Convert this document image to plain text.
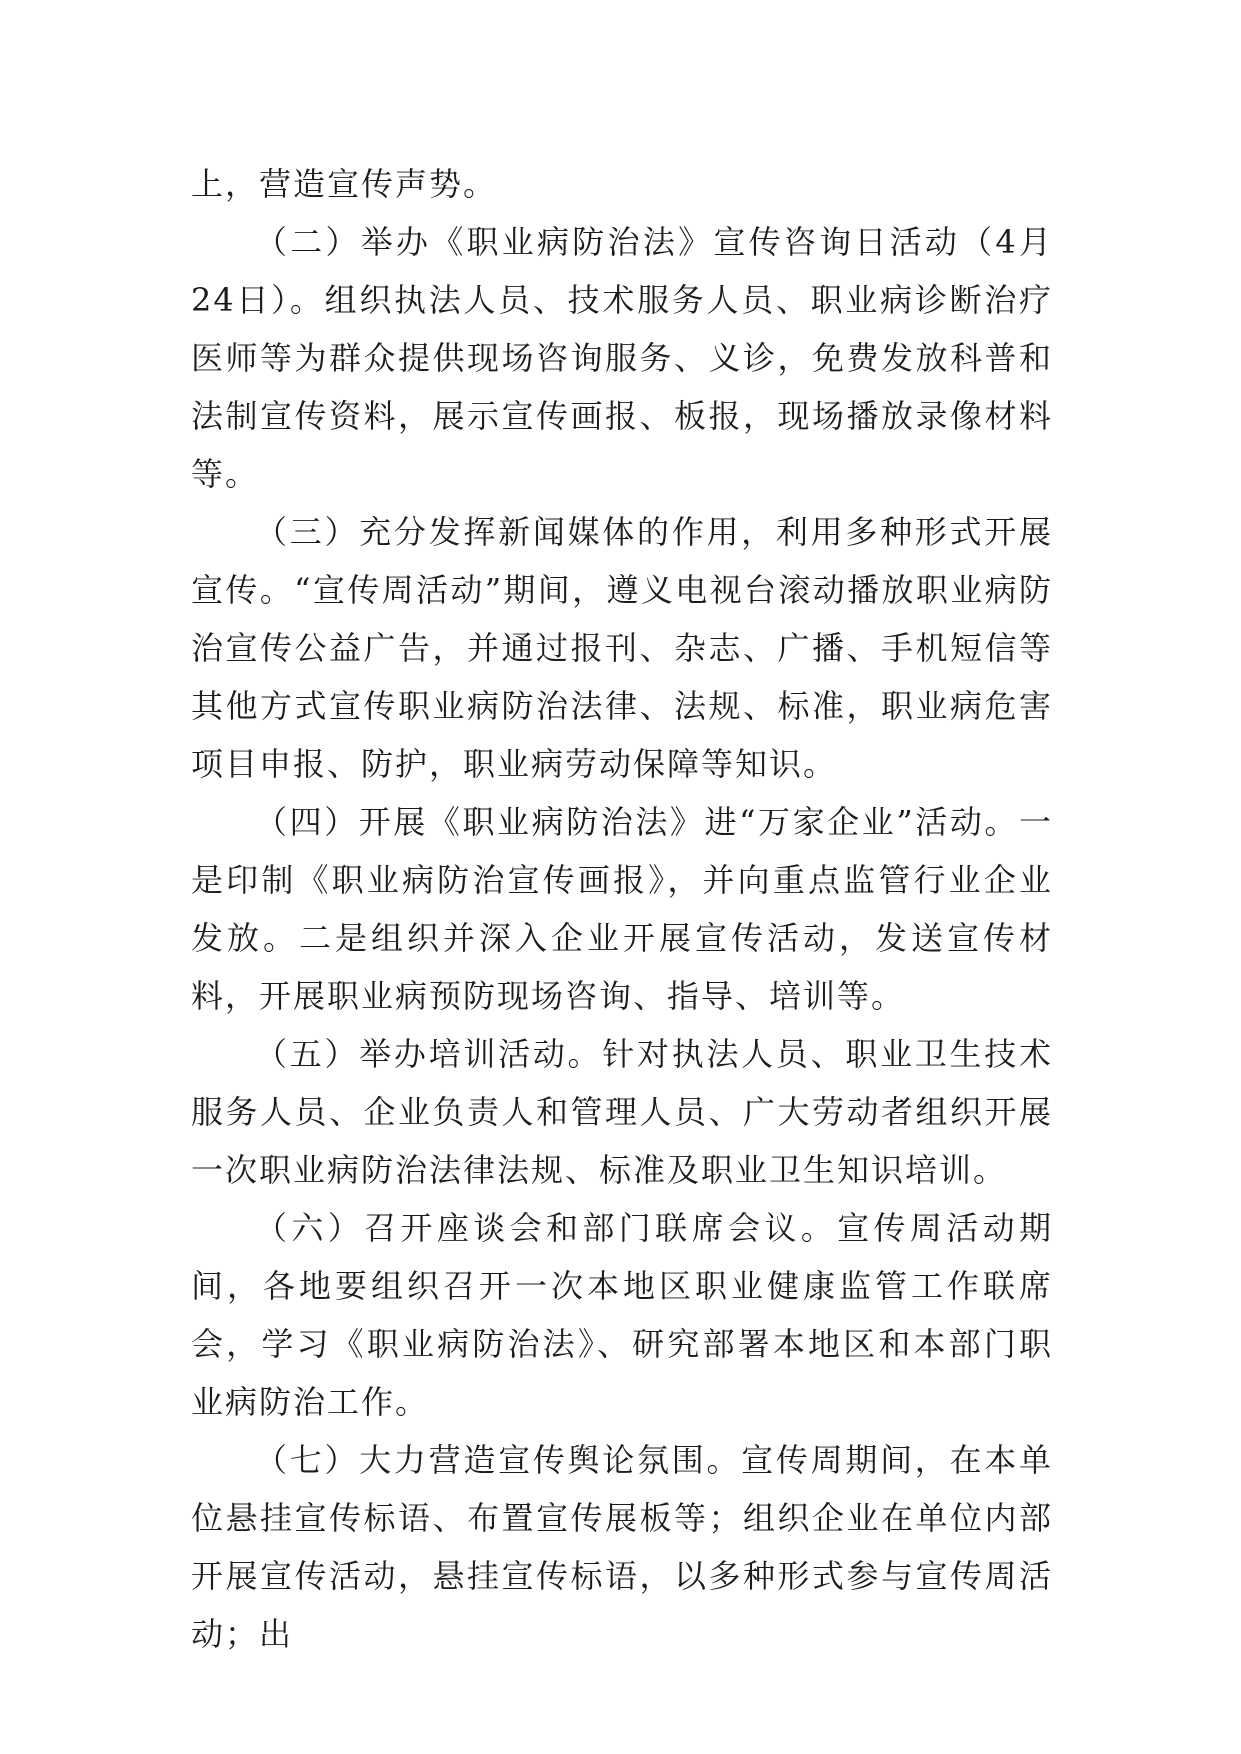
上，营造宣传声势。

（二）举办《职业病防治法》宣传咨询日活动（4月24日）。组织执法人员、技术服务人员、职业病诊断治疗医师等为群众提供现场咨询服务、义诊，免费发放科普和法制宣传资料，展示宣传画报、板报，现场播放录像材料等。

（三）充分发挥新闻媒体的作用，利用多种形式开展宣传。“宣传周活动”期间，遵义电视台滚动播放职业病防治宣传公益广告，并通过报刊、杂志、广播、手机短信等其他方式宣传职业病防治法律、法规、标准，职业病危害项目申报、防护，职业病劳动保障等知识。

（四）开展《职业病防治法》进“万家企业”活动。一是印制《职业病防治宣传画报》，并向重点监管行业企业发放。二是组织并深入企业开展宣传活动，发送宣传材料，开展职业病预防现场咨询、指导、培训等。

（五）举办培训活动。针对执法人员、职业卫生技术服务人员、企业负责人和管理人员、广大劳动者组织开展一次职业病防治法律法规、标准及职业卫生知识培训。

（六）召开座谈会和部门联席会议。宣传周活动期间，各地要组织召开一次本地区职业健康监管工作联席会，学习《职业病防治法》、研究部署本地区和本部门职业病防治工作。

（七）大力营造宣传舆论氛围。宣传周期间，在本单位悬挂宣传标语、布置宣传展板等；组织企业在单位内部开展宣传活动，悬挂宣传标语，以多种形式参与宣传周活动；出
